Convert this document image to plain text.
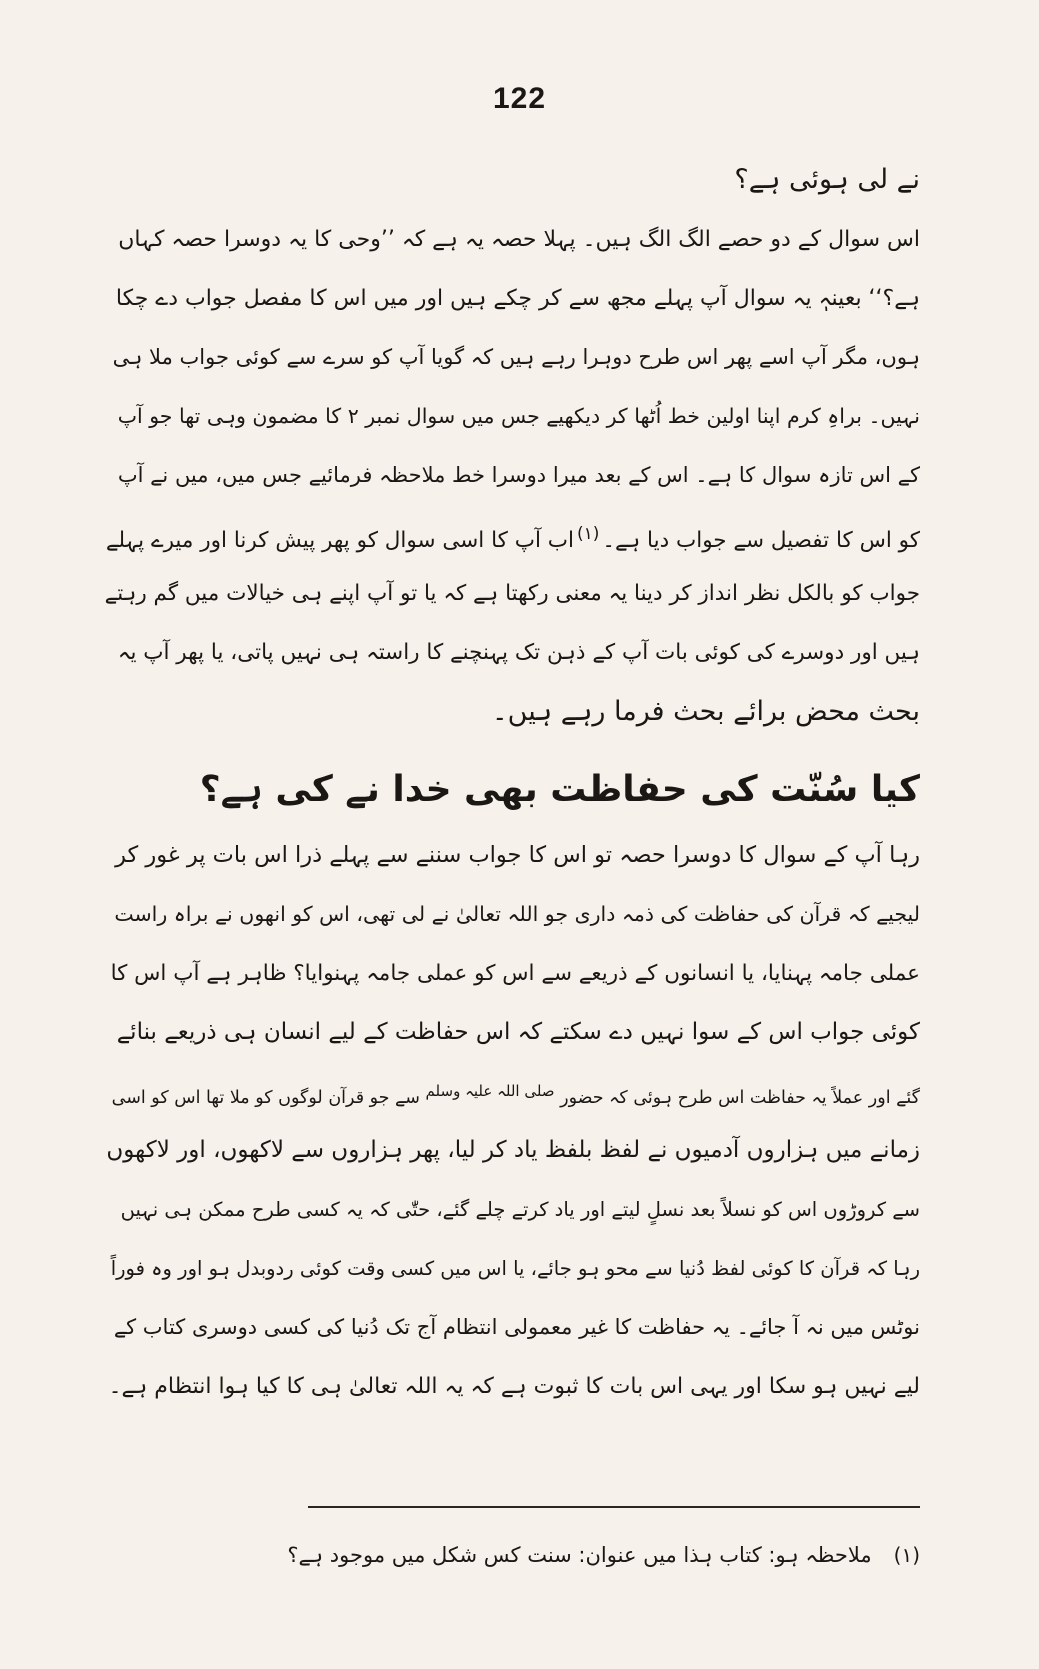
122
نے لی ہوئی ہے؟
اس سوال کے دو حصے الگ الگ ہیں۔ پہلا حصہ یہ ہے کہ ’’وحی کا یہ دوسرا حصہ کہاں
ہے؟‘‘ بعینہٖ یہ سوال آپ پہلے مجھ سے کر چکے ہیں اور میں اس کا مفصل جواب دے چکا
ہوں، مگر آپ اسے پھر اس طرح دوہرا رہے ہیں کہ گویا آپ کو سرے سے کوئی جواب ملا ہی
نہیں۔ براہِ کرم اپنا اولین خط اُٹھا کر دیکھیے جس میں سوال نمبر ۲ کا مضمون وہی تھا جو آپ
کے اس تازہ سوال کا ہے۔ اس کے بعد میرا دوسرا خط ملاحظہ فرمائیے جس میں، میں نے آپ
کو اس کا تفصیل سے جواب دیا ہے۔$^{(۱)}$اب آپ کا اسی سوال کو پھر پیش کرنا اور میرے پہلے
جواب کو بالکل نظر انداز کر دینا یہ معنی رکھتا ہے کہ یا تو آپ اپنے ہی خیالات میں گم رہتے
ہیں اور دوسرے کی کوئی بات آپ کے ذہن تک پہنچنے کا راستہ ہی نہیں پاتی، یا پھر آپ یہ
بحث محض برائے بحث فرما رہے ہیں۔
کیا سُنّت کی حفاظت بھی خدا نے کی ہے؟
رہا آپ کے سوال کا دوسرا حصہ تو اس کا جواب سننے سے پہلے ذرا اس بات پر غور کر
لیجیے کہ قرآن کی حفاظت کی ذمہ داری جو اللہ تعالیٰ نے لی تھی، اس کو انھوں نے براہ راست
عملی جامہ پہنایا، یا انسانوں کے ذریعے سے اس کو عملی جامہ پہنوایا؟ ظاہر ہے آپ اس کا
کوئی جواب اس کے سوا نہیں دے سکتے کہ اس حفاظت کے لیے انسان ہی ذریعے بنائے
گئے اور عملاً یہ حفاظت اس طرح ہوئی کہ حضور صلی اللہ علیہ وسلم سے جو قرآن لوگوں کو ملا تھا اس کو اسی
زمانے میں ہزاروں آدمیوں نے لفظ بلفظ یاد کر لیا، پھر ہزاروں سے لاکھوں، اور لاکھوں
سے کروڑوں اس کو نسلاً بعد نسلٍ لیتے اور یاد کرتے چلے گئے، حتّٰی کہ یہ کسی طرح ممکن ہی نہیں
رہا کہ قرآن کا کوئی لفظ دُنیا سے محو ہو جائے، یا اس میں کسی وقت کوئی ردوبدل ہو اور وہ فوراً
نوٹس میں نہ آ جائے۔ یہ حفاظت کا غیر معمولی انتظام آج تک دُنیا کی کسی دوسری کتاب کے
لیے نہیں ہو سکا اور یہی اس بات کا ثبوت ہے کہ یہ اللہ تعالیٰ ہی کا کیا ہوا انتظام ہے۔
(۱)ملاحظہ ہو: کتاب ہذا میں عنوان: سنت کس شکل میں موجود ہے؟
